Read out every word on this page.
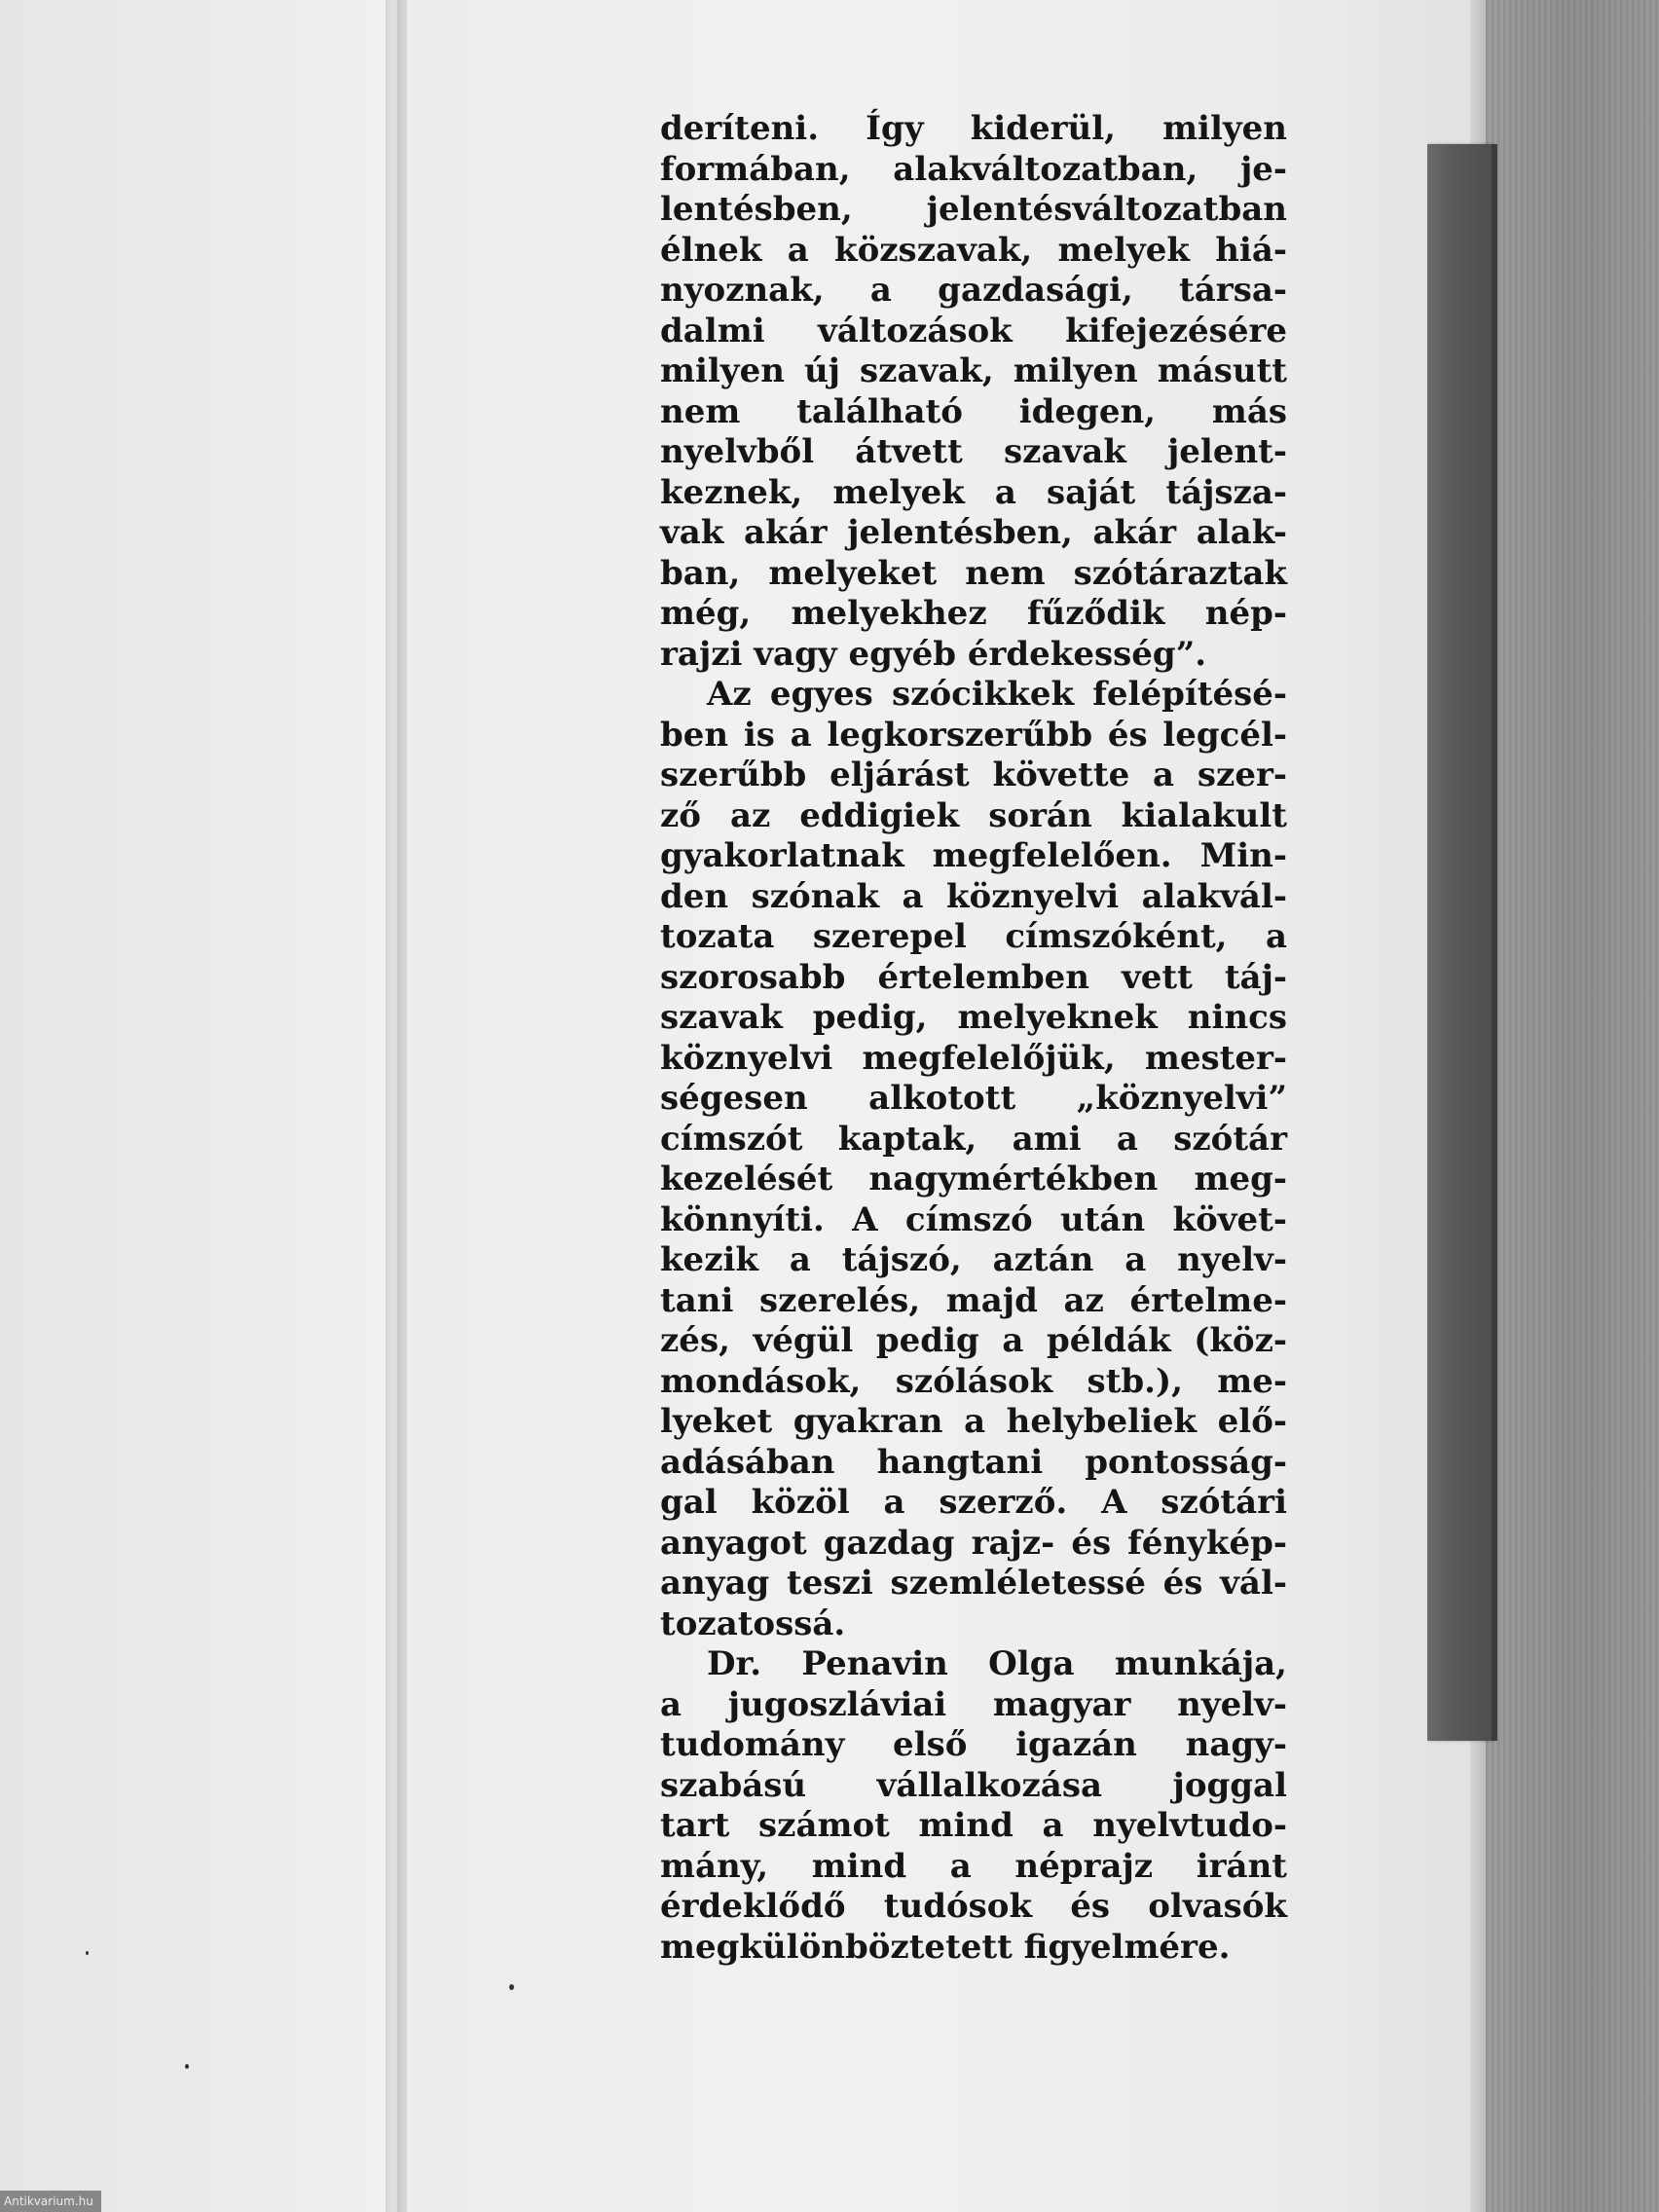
deríteni. Így kiderül, milyen
formában, alakváltozatban, je-
lentésben, jelentésváltozatban
élnek a közszavak, melyek hiá-
nyoznak, a gazdasági, társa-
dalmi változások kifejezésére
milyen új szavak, milyen másutt
nem található idegen, más
nyelvből átvett szavak jelent-
keznek, melyek a saját tájsza-
vak akár jelentésben, akár alak-
ban, melyeket nem szótáraztak
még, melyekhez fűződik nép-
rajzi vagy egyéb érdekesség”.

Az egyes szócikkek felépítésé-
ben is a legkorszerűbb és legcél-
szerűbb eljárást követte a szer-
ző az eddigiek során kialakult
gyakorlatnak megfelelően. Min-
den szónak a köznyelvi alakvál-
tozata szerepel címszóként, a
szorosabb értelemben vett táj-
szavak pedig, melyeknek nincs
köznyelvi megfelelőjük, mester-
ségesen alkotott „köznyelvi”
címszót kaptak, ami a szótár
kezelését nagymértékben meg-
könnyíti. A címszó után követ-
kezik a tájszó, aztán a nyelv-
tani szerelés, majd az értelme-
zés, végül pedig a példák (köz-
mondások, szólások stb.), me-
lyeket gyakran a helybeliek elő-
adásában hangtani pontosság-
gal közöl a szerző. A szótári
anyagot gazdag rajz- és fénykép-
anyag teszi szemléletessé és vál-
tozatossá.

Dr. Penavin Olga munkája,
a jugoszláviai magyar nyelv-
tudomány első igazán nagy-
szabású vállalkozása joggal
tart számot mind a nyelvtudo-
mány, mind a néprajz iránt
érdeklődő tudósok és olvasók
megkülönböztetett figyelmére.

Antikvarium.hu
